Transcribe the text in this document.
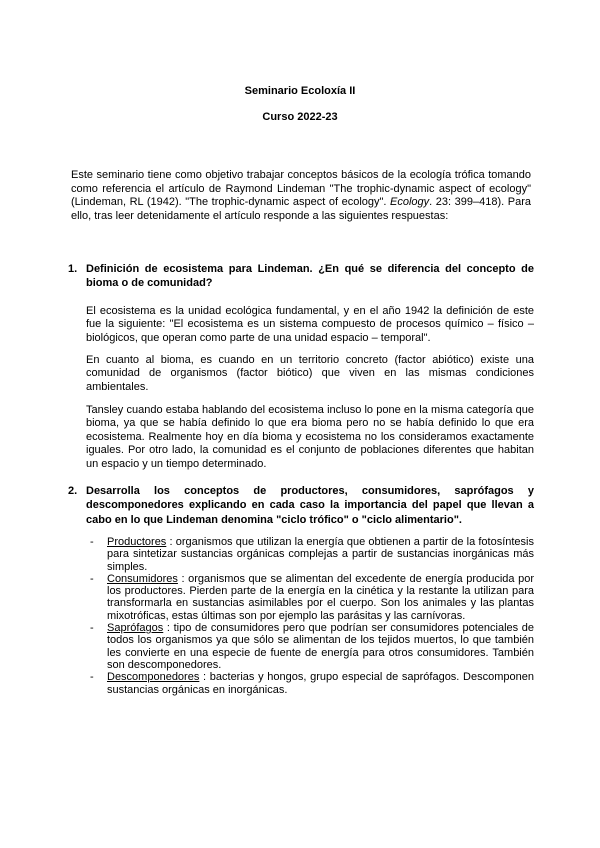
Seminario Ecoloxía II
Curso 2022-23

Este seminario tiene como objetivo trabajar conceptos básicos de la ecología trófica tomando como referencia el artículo de Raymond Lindeman "The trophic-dynamic aspect of ecology" (Lindeman, RL (1942). "The trophic-dynamic aspect of ecology". Ecology. 23: 399–418). Para ello, tras leer detenidamente el artículo responde a las siguientes respuestas:

1. Definición de ecosistema para Lindeman. ¿En qué se diferencia del concepto de bioma o de comunidad?

El ecosistema es la unidad ecológica fundamental, y en el año 1942 la definición de este fue la siguiente: "El ecosistema es un sistema compuesto de procesos químico – físico – biológicos, que operan como parte de una unidad espacio – temporal".

En cuanto al bioma, es cuando en un territorio concreto (factor abiótico) existe una comunidad de organismos (factor biótico) que viven en las mismas condiciones ambientales.

Tansley cuando estaba hablando del ecosistema incluso lo pone en la misma categoría que bioma, ya que se había definido lo que era bioma pero no se había definido lo que era ecosistema. Realmente hoy en día bioma y ecosistema no los consideramos exactamente iguales. Por otro lado, la comunidad es el conjunto de poblaciones diferentes que habitan un espacio y un tiempo determinado.

2. Desarrolla los conceptos de productores, consumidores, saprófagos y descomponedores explicando en cada caso la importancia del papel que llevan a cabo en lo que Lindeman denomina "ciclo trófico" o "ciclo alimentario".
- Productores : organismos que utilizan la energía que obtienen a partir de la fotosíntesis para sintetizar sustancias orgánicas complejas a partir de sustancias inorgánicas más simples.
- Consumidores : organismos que se alimentan del excedente de energía producida por los productores. Pierden parte de la energía en la cinética y la restante la utilizan para transformarla en sustancias asimilables por el cuerpo. Son los animales y las plantas mixotróficas, estas últimas son por ejemplo las parásitas y las carnívoras.
- Saprófagos : tipo de consumidores pero que podrían ser consumidores potenciales de todos los organismos ya que sólo se alimentan de los tejidos muertos, lo que también les convierte en una especie de fuente de energía para otros consumidores. También son descomponedores.
- Descomponedores : bacterias y hongos, grupo especial de saprófagos. Descomponen sustancias orgánicas en inorgánicas.
